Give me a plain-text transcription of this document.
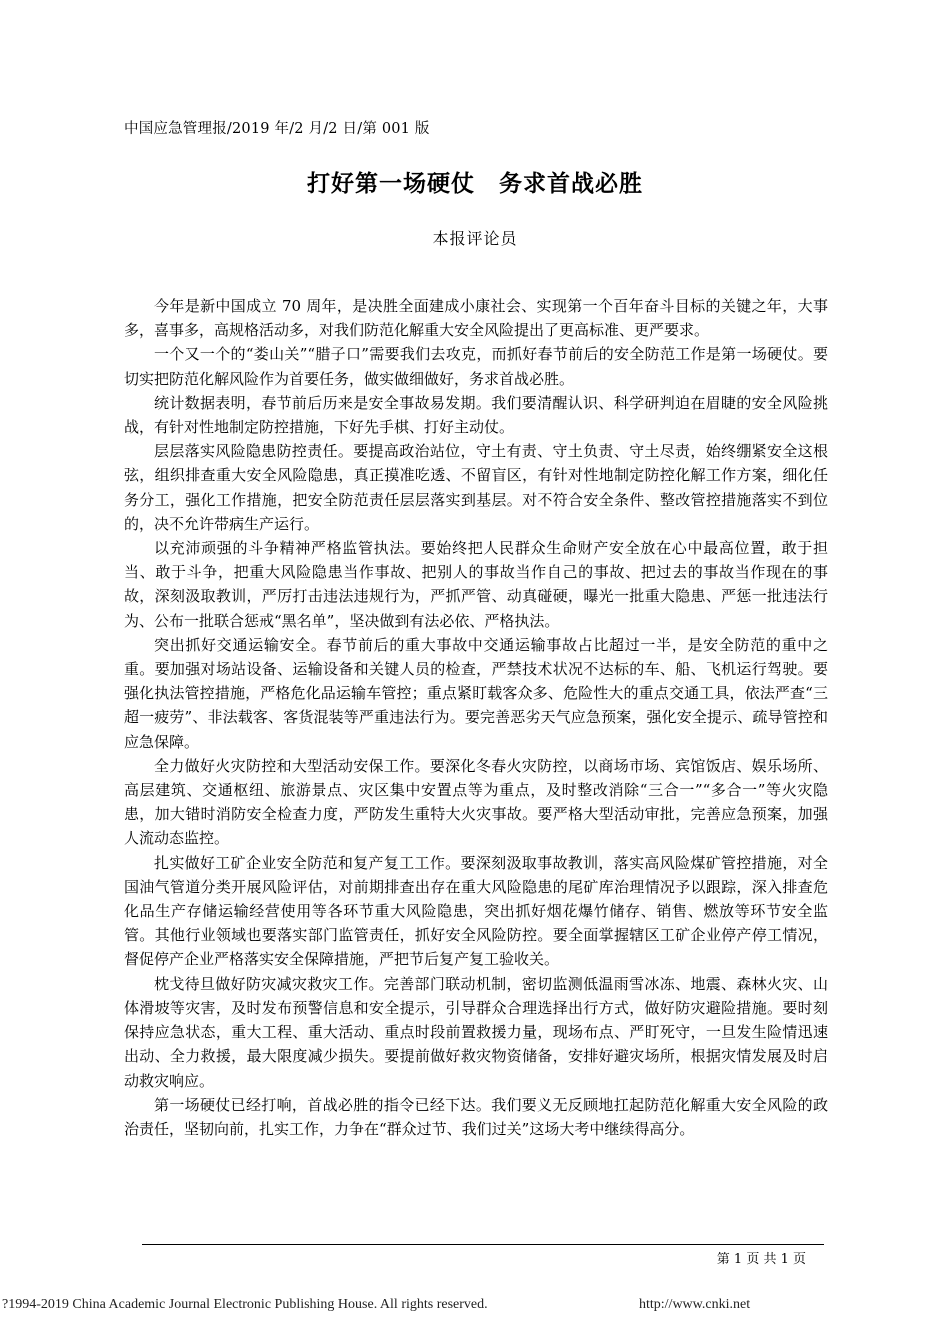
中国应急管理报/2019 年/2 月/2 日/第 001 版
打好第一场硬仗　务求首战必胜
本报评论员

今年是新中国成立 70 周年，是决胜全面建成小康社会、实现第一个百年奋斗目标的关键之年，大事多，喜事多，高规格活动多，对我们防范化解重大安全风险提出了更高标准、更严要求。

一个又一个的“娄山关”“腊子口”需要我们去攻克，而抓好春节前后的安全防范工作是第一场硬仗。要切实把防范化解风险作为首要任务，做实做细做好，务求首战必胜。

统计数据表明，春节前后历来是安全事故易发期。我们要清醒认识、科学研判迫在眉睫的安全风险挑战，有针对性地制定防控措施，下好先手棋、打好主动仗。

层层落实风险隐患防控责任。要提高政治站位，守土有责、守土负责、守土尽责，始终绷紧安全这根弦，组织排查重大安全风险隐患，真正摸准吃透、不留盲区，有针对性地制定防控化解工作方案，细化任务分工，强化工作措施，把安全防范责任层层落实到基层。对不符合安全条件、整改管控措施落实不到位的，决不允许带病生产运行。

以充沛顽强的斗争精神严格监管执法。要始终把人民群众生命财产安全放在心中最高位置，敢于担当、敢于斗争，把重大风险隐患当作事故、把别人的事故当作自己的事故、把过去的事故当作现在的事故，深刻汲取教训，严厉打击违法违规行为，严抓严管、动真碰硬，曝光一批重大隐患、严惩一批违法行为、公布一批联合惩戒“黑名单”，坚决做到有法必依、严格执法。

突出抓好交通运输安全。春节前后的重大事故中交通运输事故占比超过一半，是安全防范的重中之重。要加强对场站设备、运输设备和关键人员的检查，严禁技术状况不达标的车、船、飞机运行驾驶。要强化执法管控措施，严格危化品运输车管控；重点紧盯载客众多、危险性大的重点交通工具，依法严查“三超一疲劳”、非法载客、客货混装等严重违法行为。要完善恶劣天气应急预案，强化安全提示、疏导管控和应急保障。

全力做好火灾防控和大型活动安保工作。要深化冬春火灾防控，以商场市场、宾馆饭店、娱乐场所、高层建筑、交通枢纽、旅游景点、灾区集中安置点等为重点，及时整改消除“三合一”“多合一”等火灾隐患，加大错时消防安全检查力度，严防发生重特大火灾事故。要严格大型活动审批，完善应急预案，加强人流动态监控。

扎实做好工矿企业安全防范和复产复工工作。要深刻汲取事故教训，落实高风险煤矿管控措施，对全国油气管道分类开展风险评估，对前期排查出存在重大风险隐患的尾矿库治理情况予以跟踪，深入排查危化品生产存储运输经营使用等各环节重大风险隐患，突出抓好烟花爆竹储存、销售、燃放等环节安全监管。其他行业领域也要落实部门监管责任，抓好安全风险防控。要全面掌握辖区工矿企业停产停工情况，督促停产企业严格落实安全保障措施，严把节后复产复工验收关。

枕戈待旦做好防灾减灾救灾工作。完善部门联动机制，密切监测低温雨雪冰冻、地震、森林火灾、山体滑坡等灾害，及时发布预警信息和安全提示，引导群众合理选择出行方式，做好防灾避险措施。要时刻保持应急状态，重大工程、重大活动、重点时段前置救援力量，现场布点、严盯死守，一旦发生险情迅速出动、全力救援，最大限度减少损失。要提前做好救灾物资储备，安排好避灾场所，根据灾情发展及时启动救灾响应。

第一场硬仗已经打响，首战必胜的指令已经下达。我们要义无反顾地扛起防范化解重大安全风险的政治责任，坚韧向前，扎实工作，力争在“群众过节、我们过关”这场大考中继续得高分。

第 1 页 共 1 页
?1994-2019 China Academic Journal Electronic Publishing House. All rights reserved.	http://www.cnki.net
